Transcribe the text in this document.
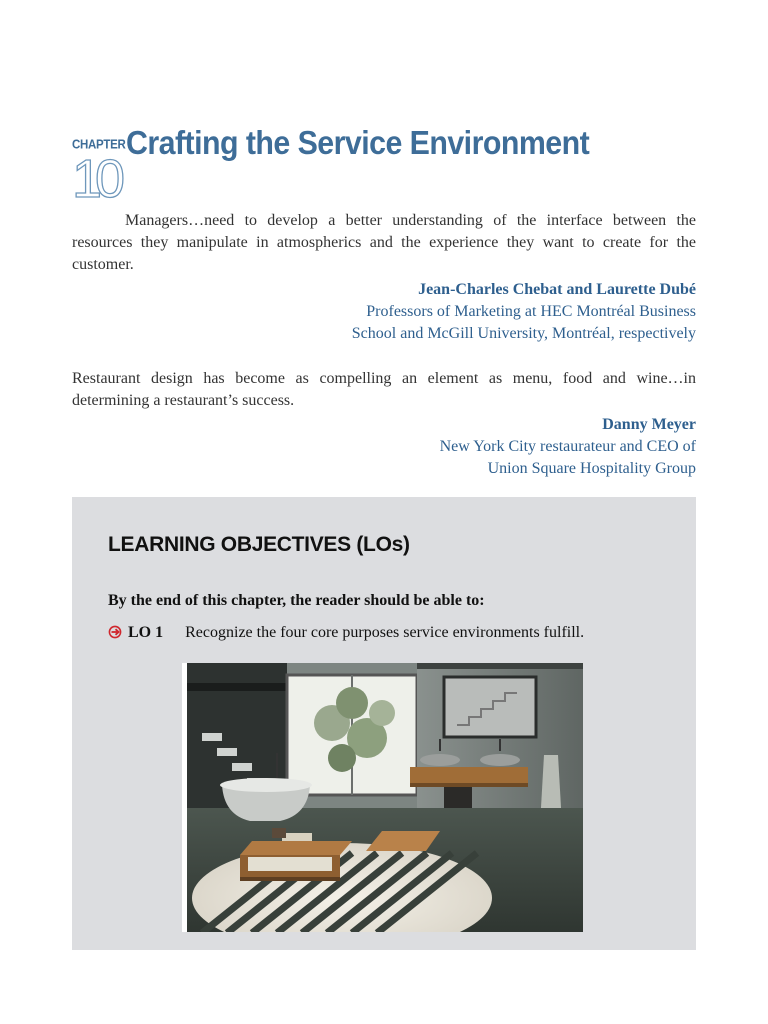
CHAPTER
10
Crafting the Service Environment
Managers…need to develop a better understanding of the interface between the resources they manipulate in atmospherics and the experience they want to create for the customer.
Jean-Charles Chebat and Laurette Dubé
Professors of Marketing at HEC Montréal Business
School and McGill University, Montréal, respectively
Restaurant design has become as compelling an element as menu, food and wine…in determining a restaurant’s success.
Danny Meyer
New York City restaurateur and CEO of
Union Square Hospitality Group
LEARNING OBJECTIVES (LOs)
By the end of this chapter, the reader should be able to:
LO 1 Recognize the four core purposes service environments fulfill.
